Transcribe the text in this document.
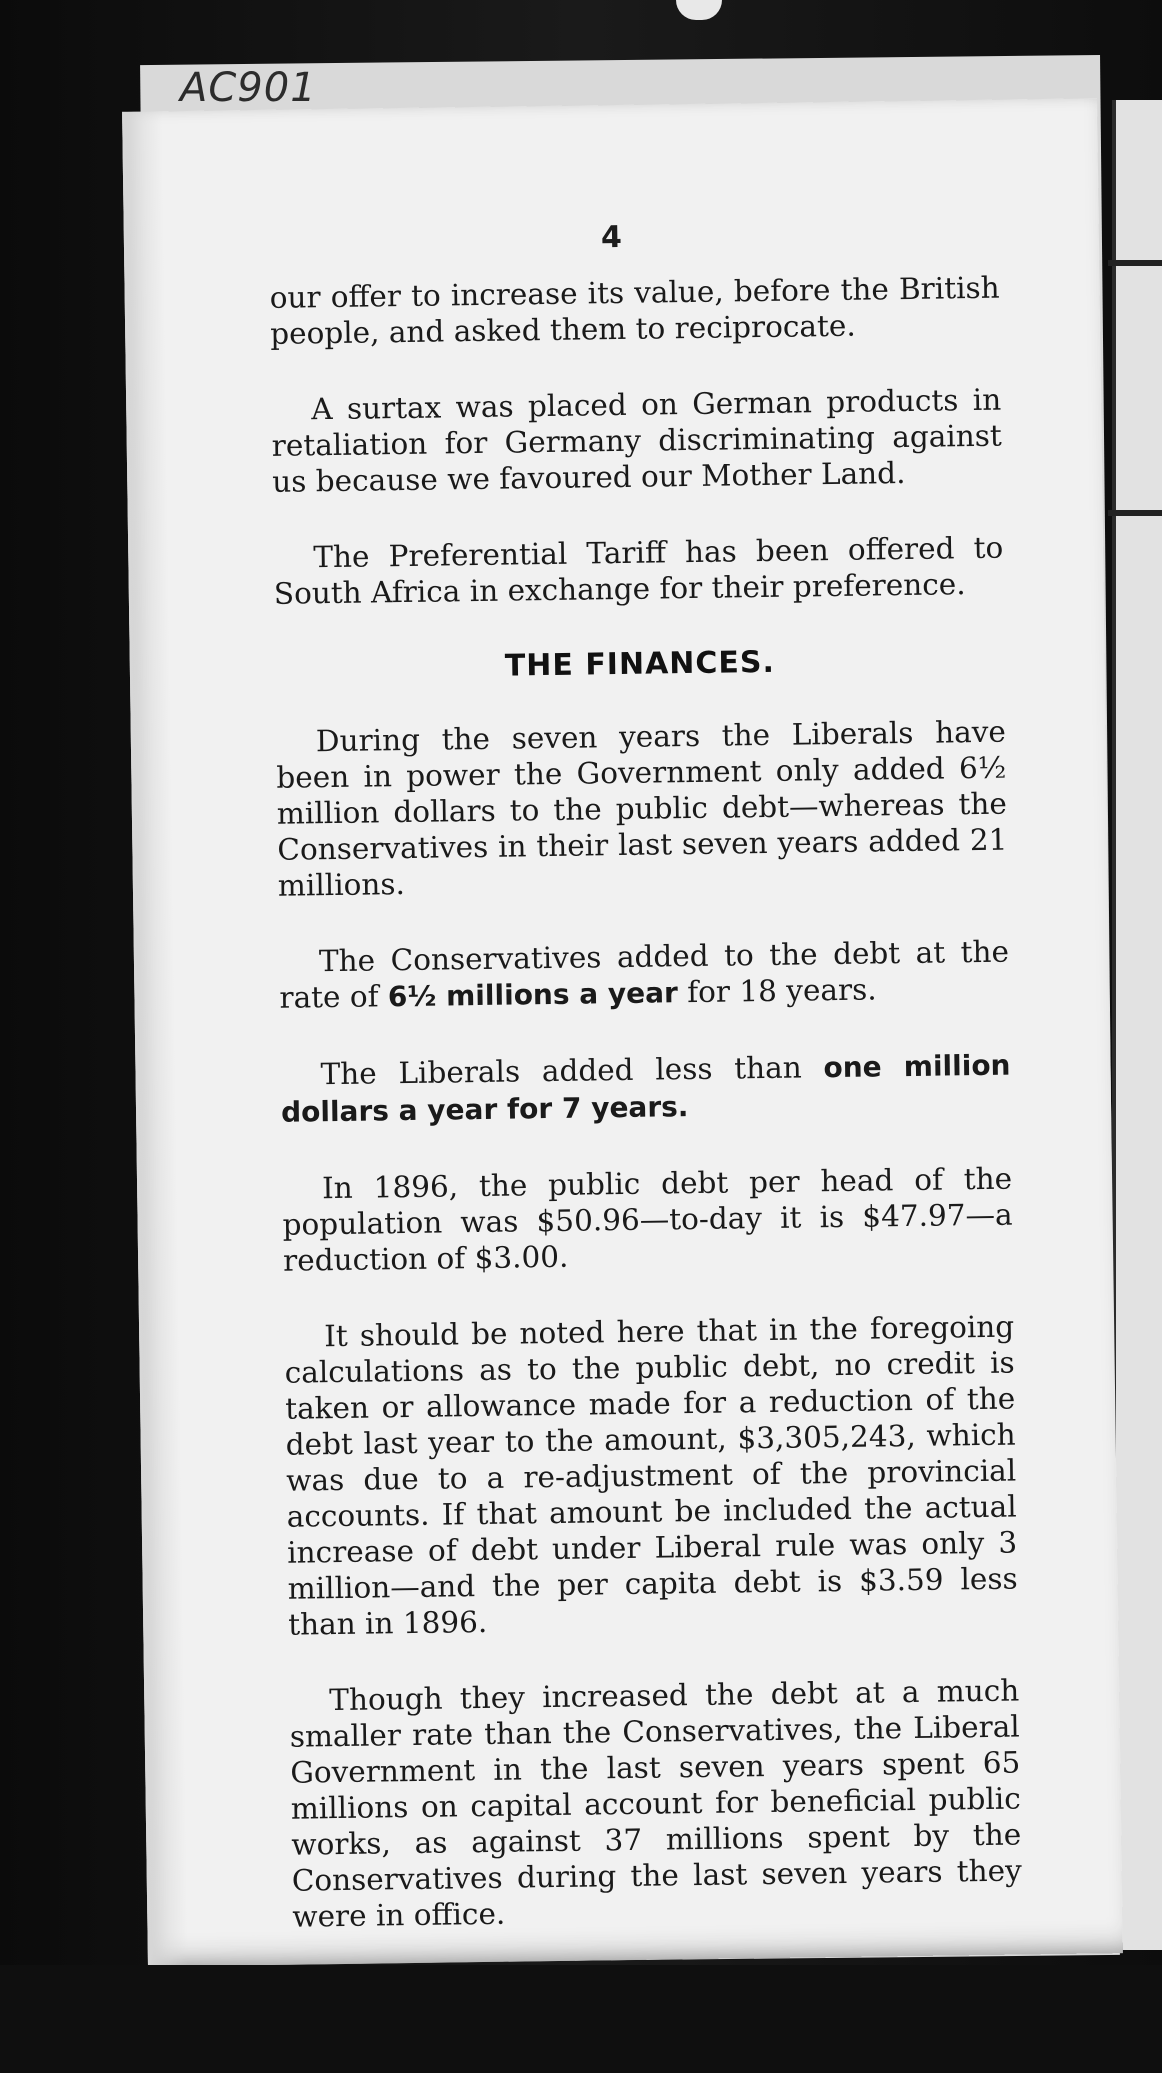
AC901
4

our offer to increase its value, before the British people, and asked them to reciprocate.

A surtax was placed on German products in retaliation for Germany discriminating against us because we favoured our Mother Land.

The Preferential Tariff has been offered to South Africa in exchange for their preference.

THE FINANCES.

During the seven years the Liberals have been in power the Government only added 6½ million dollars to the public debt—whereas the Conservatives in their last seven years added 21 millions.

The Conservatives added to the debt at the rate of 6½ millions a year for 18 years.

The Liberals added less than one million dollars a year for 7 years.

In 1896, the public debt per head of the population was $50.96—to-day it is $47.97—a reduction of $3.00.

It should be noted here that in the foregoing calculations as to the public debt, no credit is taken or allowance made for a reduction of the debt last year to the amount, $3,305,243, which was due to a re-adjustment of the provincial accounts. If that amount be included the actual increase of debt under Liberal rule was only 3 million—and the per capita debt is $3.59 less than in 1896.

Though they increased the debt at a much smaller rate than the Conservatives, the Liberal Government in the last seven years spent 65 millions on capital account for beneficial public works, as against 37 millions spent by the Conservatives during the last seven years they were in office.
